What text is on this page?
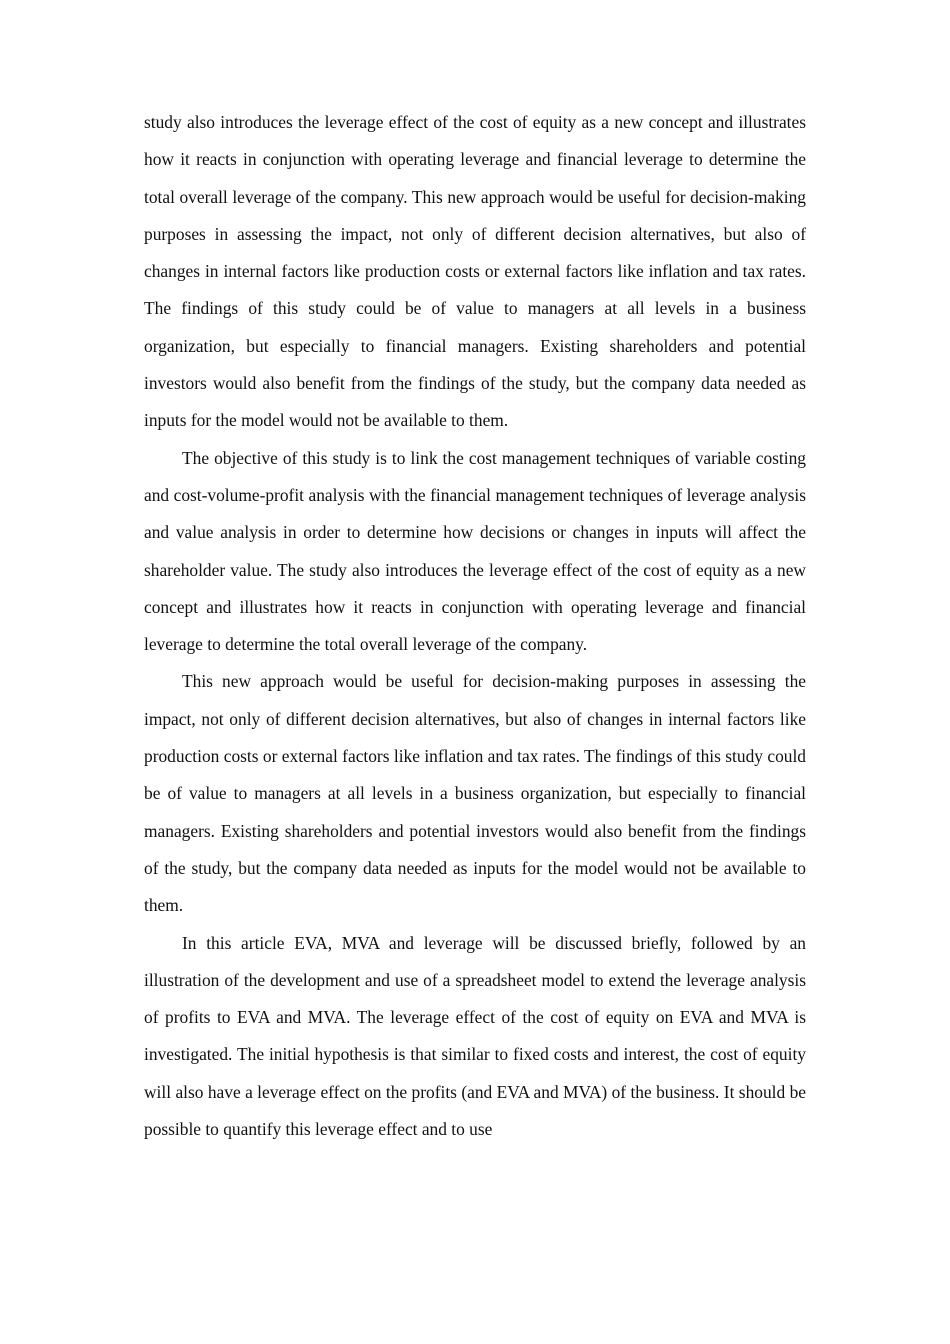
study also introduces the leverage effect of the cost of equity as a new concept and illustrates how it reacts in conjunction with operating leverage and financial leverage to determine the total overall leverage of the company. This new approach would be useful for decision-making purposes in assessing the impact, not only of different decision alternatives, but also of changes in internal factors like production costs or external factors like inflation and tax rates. The findings of this study could be of value to managers at all levels in a business organization, but especially to financial managers. Existing shareholders and potential investors would also benefit from the findings of the study, but the company data needed as inputs for the model would not be available to them.

The objective of this study is to link the cost management techniques of variable costing and cost-volume-profit analysis with the financial management techniques of leverage analysis and value analysis in order to determine how decisions or changes in inputs will affect the shareholder value. The study also introduces the leverage effect of the cost of equity as a new concept and illustrates how it reacts in conjunction with operating leverage and financial leverage to determine the total overall leverage of the company.

This new approach would be useful for decision-making purposes in assessing the impact, not only of different decision alternatives, but also of changes in internal factors like production costs or external factors like inflation and tax rates. The findings of this study could be of value to managers at all levels in a business organization, but especially to financial managers. Existing shareholders and potential investors would also benefit from the findings of the study, but the company data needed as inputs for the model would not be available to them.

In this article EVA, MVA and leverage will be discussed briefly, followed by an illustration of the development and use of a spreadsheet model to extend the leverage analysis of profits to EVA and MVA. The leverage effect of the cost of equity on EVA and MVA is investigated. The initial hypothesis is that similar to fixed costs and interest, the cost of equity will also have a leverage effect on the profits (and EVA and MVA) of the business. It should be possible to quantify this leverage effect and to use
